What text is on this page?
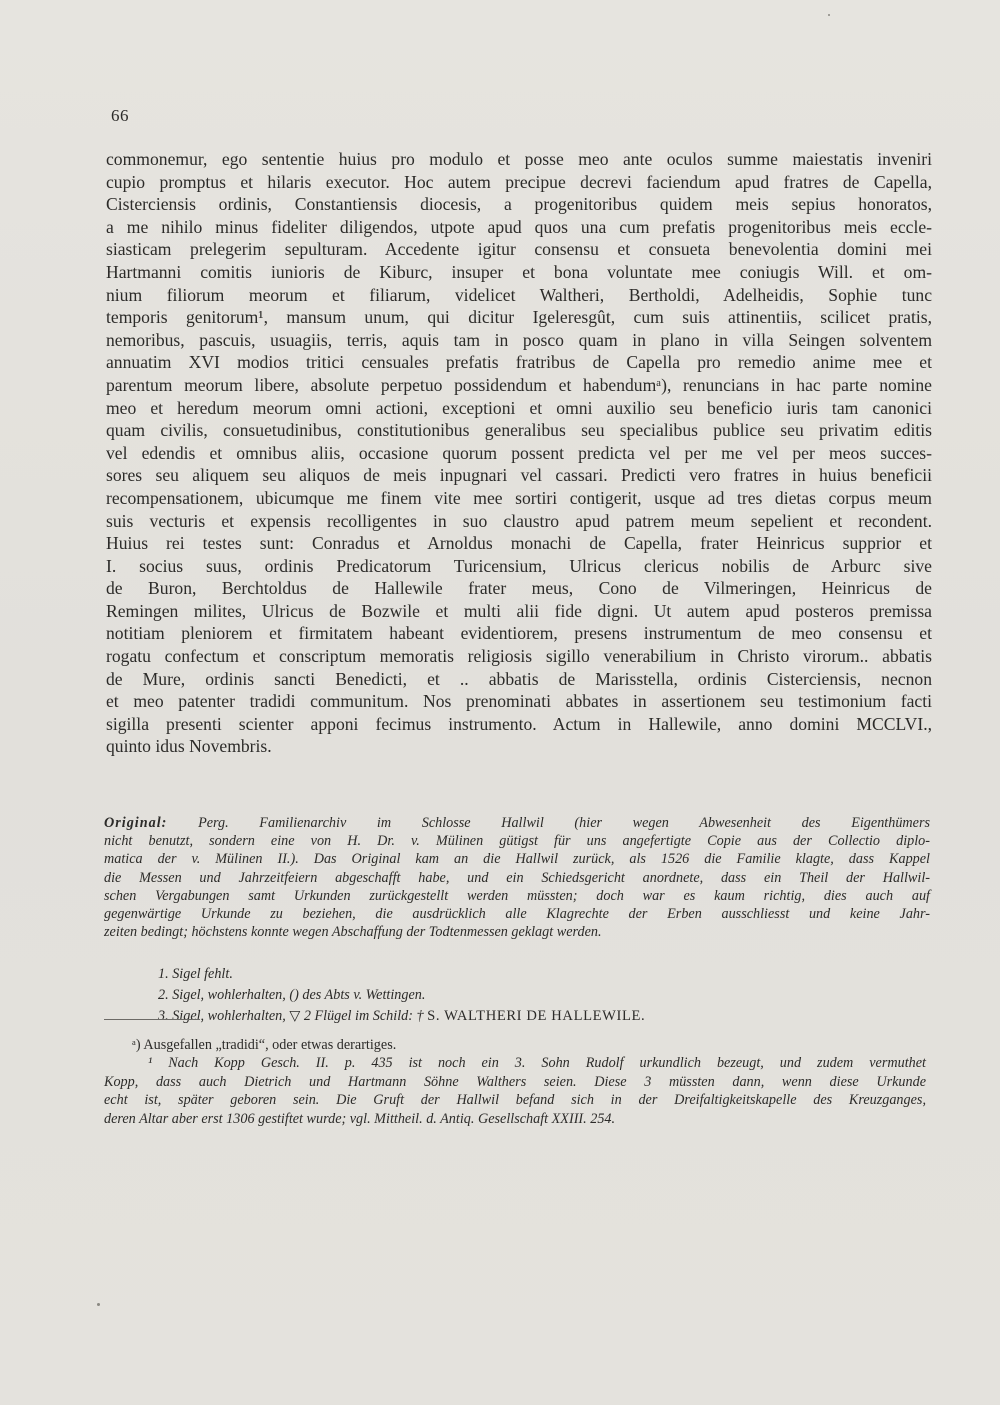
66
commonemur, ego sententie huius pro modulo et posse meo ante oculos summe maiestatis inveniri
cupio promptus et hilaris executor. Hoc autem precipue decrevi faciendum apud fratres de Capella,
Cisterciensis ordinis, Constantiensis diocesis, a progenitoribus quidem meis sepius honoratos,
a me nihilo minus fideliter diligendos, utpote apud quos una cum prefatis progenitoribus meis eccle-
siasticam prelegerim sepulturam. Accedente igitur consensu et consueta benevolentia domini mei
Hartmanni comitis iunioris de Kiburc, insuper et bona voluntate mee coniugis Will. et om-
nium filiorum meorum et filiarum, videlicet Waltheri, Bertholdi, Adelheidis, Sophie tunc
temporis genitorum¹, mansum unum, qui dicitur Igeleresgût, cum suis attinentiis, scilicet pratis,
nemoribus, pascuis, usuagiis, terris, aquis tam in posco quam in plano in villa Seingen solventem
annuatim XVI modios tritici censuales prefatis fratribus de Capella pro remedio anime mee et
parentum meorum libere, absolute perpetuo possidendum et habendumᵃ), renuncians in hac parte nomine
meo et heredum meorum omni actioni, exceptioni et omni auxilio seu beneficio iuris tam canonici
quam civilis, consuetudinibus, constitutionibus generalibus seu specialibus publice seu privatim editis
vel edendis et omnibus aliis, occasione quorum possent predicta vel per me vel per meos succes-
sores seu aliquem seu aliquos de meis inpugnari vel cassari. Predicti vero fratres in huius beneficii
recompensationem, ubicumque me finem vite mee sortiri contigerit, usque ad tres dietas corpus meum
suis vecturis et expensis recolligentes in suo claustro apud patrem meum sepelient et recondent.
Huius rei testes sunt: Conradus et Arnoldus monachi de Capella, frater Heinricus supprior et
I. socius suus, ordinis Predicatorum Turicensium, Ulricus clericus nobilis de Arburc sive
de Buron, Berchtoldus de Hallewile frater meus, Cono de Vilmeringen, Heinricus de
Remingen milites, Ulricus de Bozwile et multi alii fide digni. Ut autem apud posteros premissa
notitiam pleniorem et firmitatem habeant evidentiorem, presens instrumentum de meo consensu et
rogatu confectum et conscriptum memoratis religiosis sigillo venerabilium in Christo virorum.. abbatis
de Mure, ordinis sancti Benedicti, et .. abbatis de Marisstella, ordinis Cisterciensis, necnon
et meo patenter tradidi communitum. Nos prenominati abbates in assertionem seu testimonium facti
sigilla presenti scienter apponi fecimus instrumento. Actum in Hallewile, anno domini MCCLVI.,
quinto idus Novembris.
Original: Perg. Familienarchiv im Schlosse Hallwil (hier wegen Abwesenheit des Eigenthümers
nicht benutzt, sondern eine von H. Dr. v. Mülinen gütigst für uns angefertigte Copie aus der Collectio diplo-
matica der v. Mülinen II.). Das Original kam an die Hallwil zurück, als 1526 die Familie klagte, dass Kappel
die Messen und Jahrzeitfeiern abgeschafft habe, und ein Schiedsgericht anordnete, dass ein Theil der Hallwil-
schen Vergabungen samt Urkunden zurückgestellt werden müssten; doch war es kaum richtig, dies auch auf
gegenwärtige Urkunde zu beziehen, die ausdrücklich alle Klagrechte der Erben ausschliesst und keine Jahr-
zeiten bedingt; höchstens konnte wegen Abschaffung der Todtenmessen geklagt werden.
1. Sigel fehlt.
2. Sigel, wohlerhalten, () des Abts v. Wettingen.
3. Sigel, wohlerhalten, ▽ 2 Flügel im Schild: † S. WALTHERI DE HALLEWILE.
ᵃ) Ausgefallen „tradidi“, oder etwas derartiges.
¹ Nach Kopp Gesch. II. p. 435 ist noch ein 3. Sohn Rudolf urkundlich bezeugt, und zudem vermuthet
Kopp, dass auch Dietrich und Hartmann Söhne Walthers seien. Diese 3 müssten dann, wenn diese Urkunde
echt ist, später geboren sein. Die Gruft der Hallwil befand sich in der Dreifaltigkeitskapelle des Kreuzganges,
deren Altar aber erst 1306 gestiftet wurde; vgl. Mittheil. d. Antiq. Gesellschaft XXIII. 254.
